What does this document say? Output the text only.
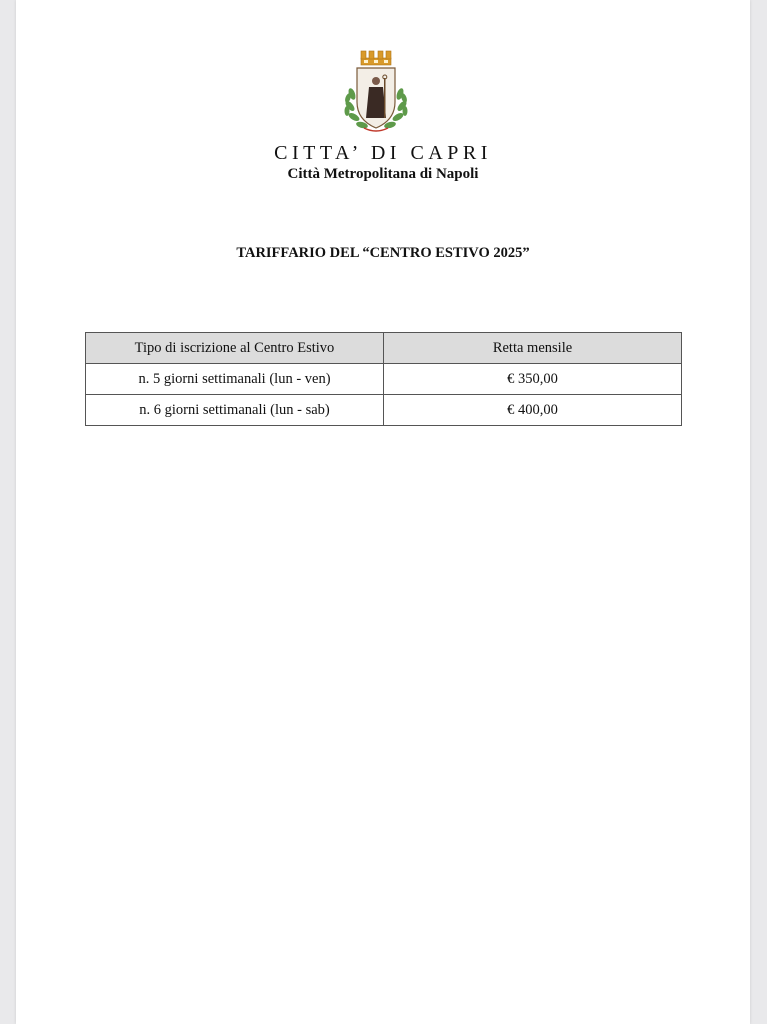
CITTA’ DI CAPRI
Città Metropolitana di Napoli
TARIFFARIO DEL “CENTRO ESTIVO 2025”
Tipo di iscrizione al Centro Estivo	Retta mensile
n. 5 giorni settimanali (lun - ven)	€ 350,00
n. 6 giorni settimanali (lun - sab)	€ 400,00
